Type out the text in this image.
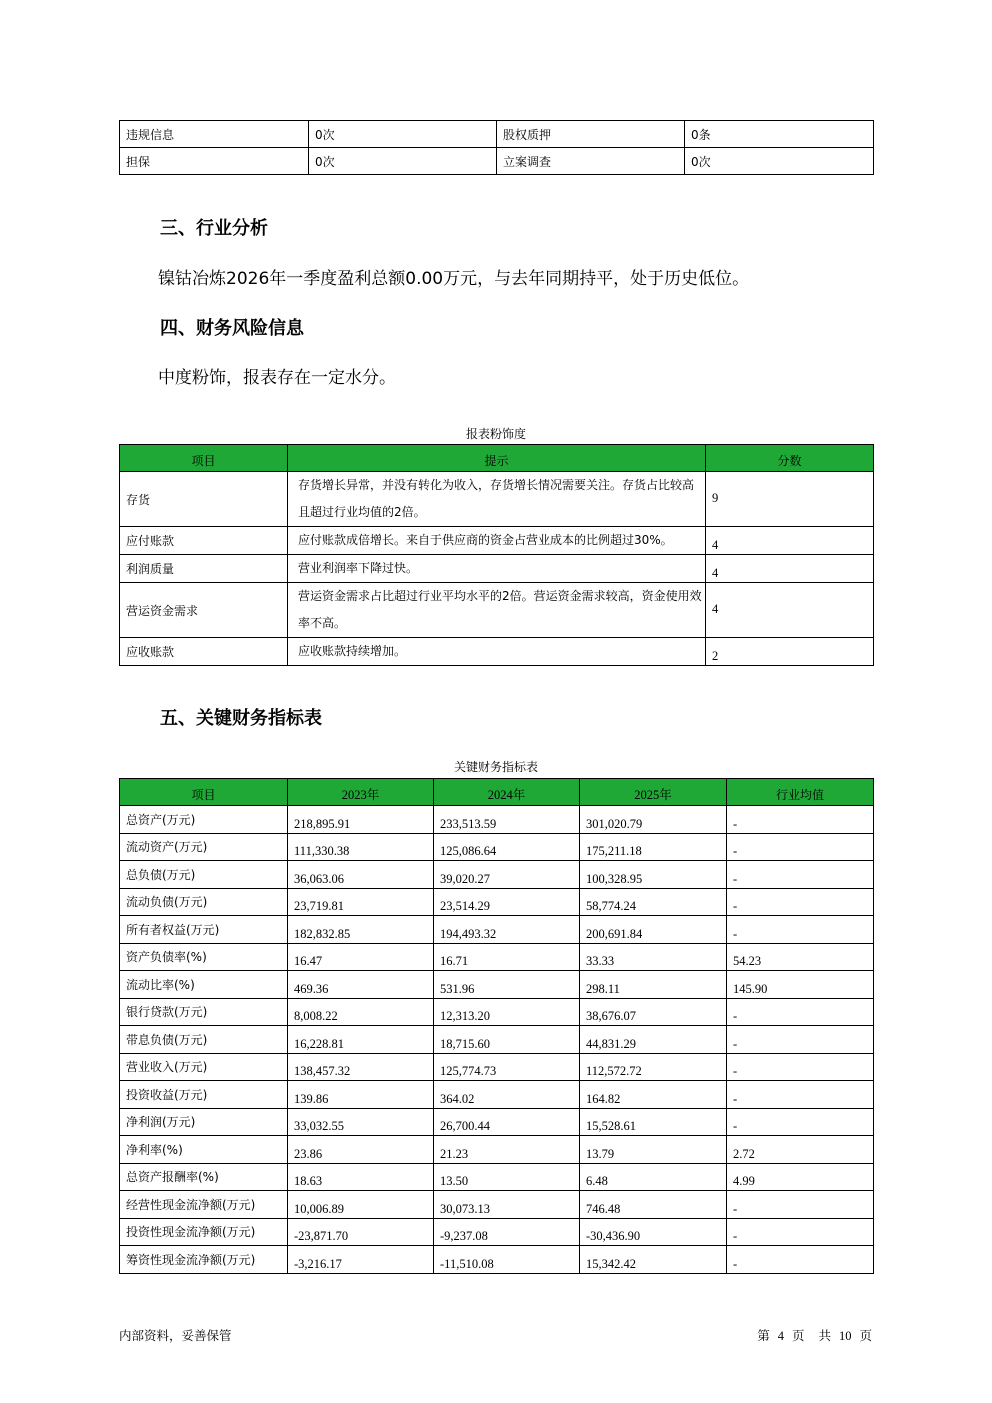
违规信息	0次	股权质押	0条
担保	0次	立案调查	0次
三、行业分析
镍钴冶炼2026年一季度盈利总额0.00万元，与去年同期持平，处于历史低位。
四、财务风险信息
中度粉饰，报表存在一定水分。
报表粉饰度
项目	提示	分数
存货	存货增长异常，并没有转化为收入，存货增长情况需要关注。存货占比较高且超过行业均值的2倍。	9
应付账款	应付账款成倍增长。来自于供应商的资金占营业成本的比例超过30%。	4
利润质量	营业利润率下降过快。	4
营运资金需求	营运资金需求占比超过行业平均水平的2倍。营运资金需求较高，资金使用效率不高。	4
应收账款	应收账款持续增加。	2
五、关键财务指标表
关键财务指标表
项目	2023年	2024年	2025年	行业均值
总资产(万元)	218,895.91	233,513.59	301,020.79	-
流动资产(万元)	111,330.38	125,086.64	175,211.18	-
总负债(万元)	36,063.06	39,020.27	100,328.95	-
流动负债(万元)	23,719.81	23,514.29	58,774.24	-
所有者权益(万元)	182,832.85	194,493.32	200,691.84	-
资产负债率(%)	16.47	16.71	33.33	54.23
流动比率(%)	469.36	531.96	298.11	145.90
银行贷款(万元)	8,008.22	12,313.20	38,676.07	-
带息负债(万元)	16,228.81	18,715.60	44,831.29	-
营业收入(万元)	138,457.32	125,774.73	112,572.72	-
投资收益(万元)	139.86	364.02	164.82	-
净利润(万元)	33,032.55	26,700.44	15,528.61	-
净利率(%)	23.86	21.23	13.79	2.72
总资产报酬率(%)	18.63	13.50	6.48	4.99
经营性现金流净额(万元)	10,006.89	30,073.13	746.48	-
投资性现金流净额(万元)	-23,871.70	-9,237.08	-30,436.90	-
筹资性现金流净额(万元)	-3,216.17	-11,510.08	15,342.42	-
内部资料，妥善保管	第 4 页 共 10 页
